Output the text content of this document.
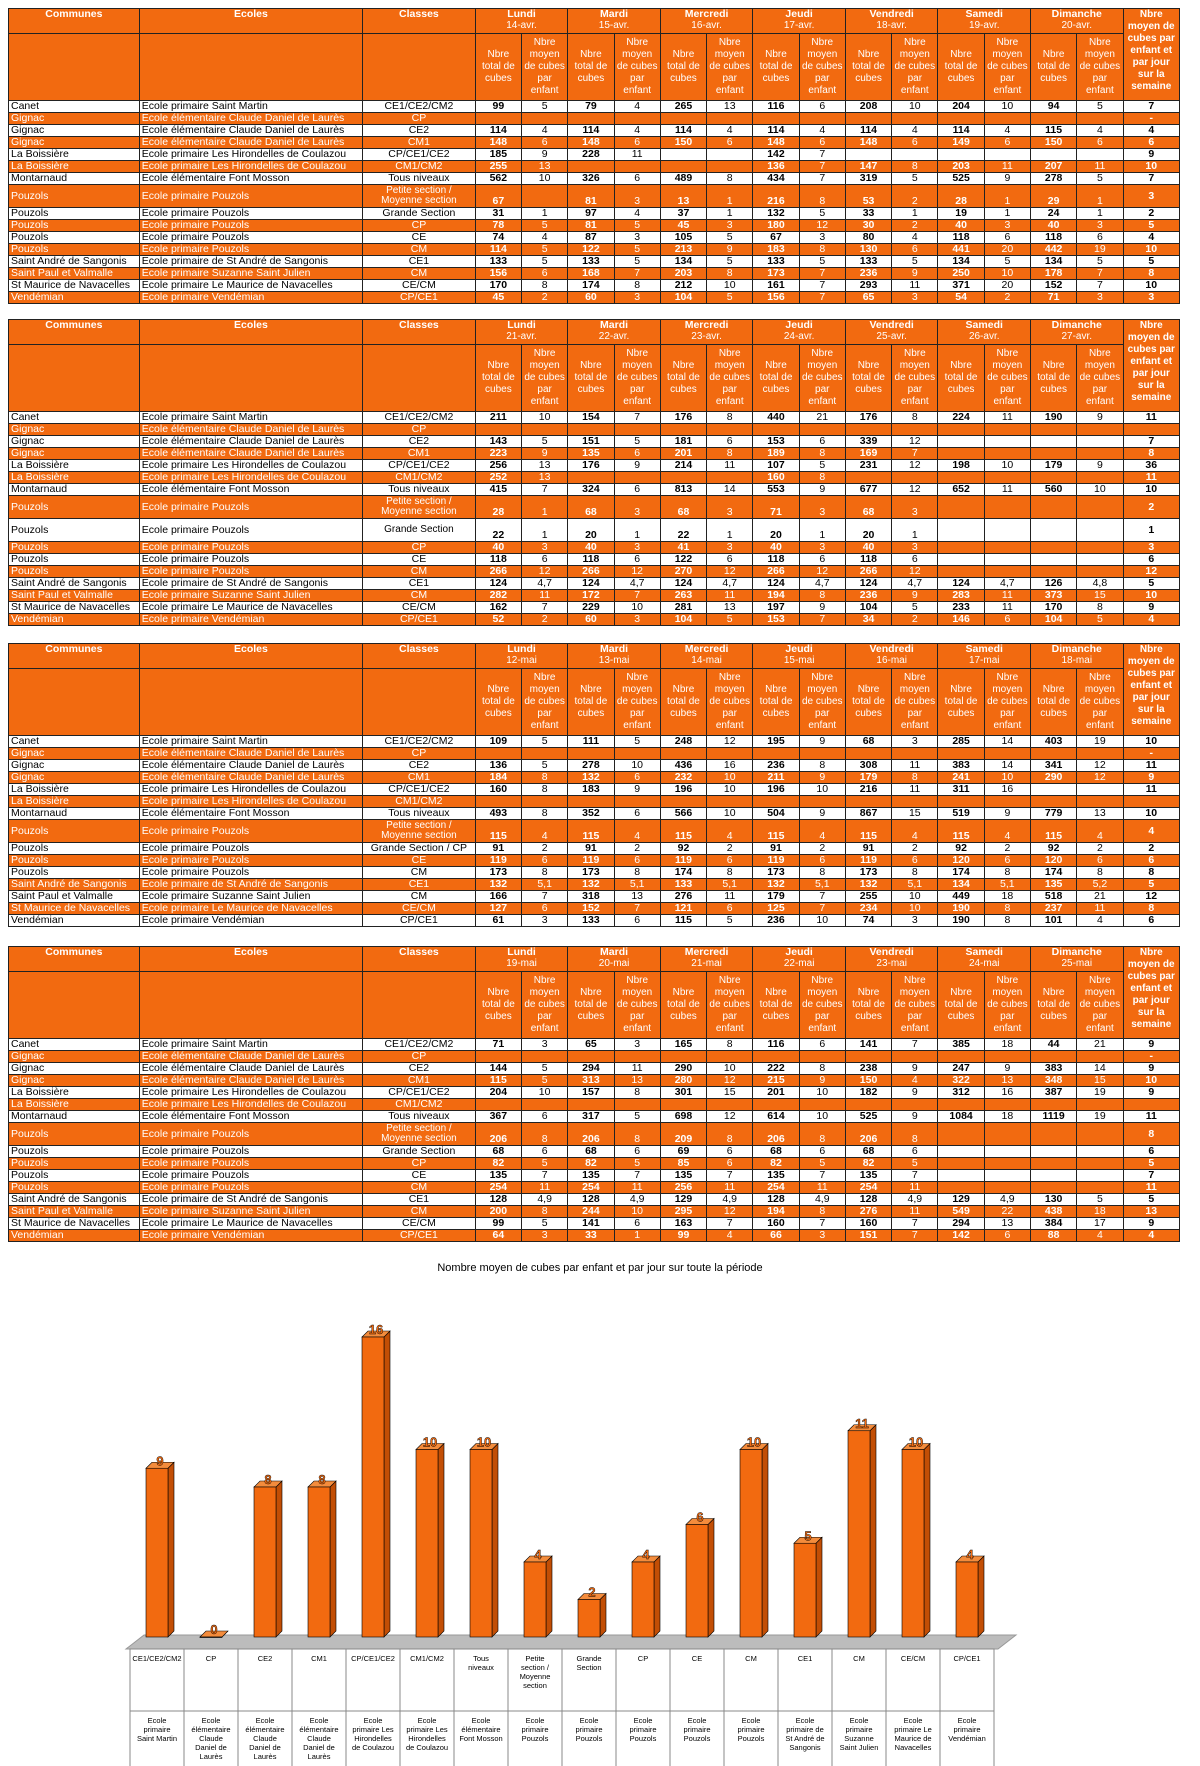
Communes	Ecoles	Classes	Lundi
14-avr.		Mardi
15-avr.		Mercredi
16-avr.		Jeudi
17-avr.		Vendredi
18-avr.		Samedi
19-avr.		Dimanche
20-avr.		Nbre moyen de cubes par enfant et par jour sur la semaine

			Nbre total de cubes	Nbre moyen de cubes par enfant	Nbre total de cubes	Nbre moyen de cubes par enfant	Nbre total de cubes	Nbre moyen de cubes par enfant	Nbre total de cubes	Nbre moyen de cubes par enfant	Nbre total de cubes	Nbre moyen de cubes par enfant	Nbre total de cubes	Nbre moyen de cubes par enfant	Nbre total de cubes	Nbre moyen de cubes par enfant	
Canet	Ecole primaire Saint Martin	CE1/CE2/CM2	99	5	79	4	265	13	116	6	208	10	204	10	94	5	7
Gignac	Ecole élémentaire Claude Daniel de Laurès	CP															-
Gignac	Ecole élémentaire Claude Daniel de Laurès	CE2	114	4	114	4	114	4	114	4	114	4	114	4	115	4	4
Gignac	Ecole élémentaire Claude Daniel de Laurès	CM1	148	6	148	6	150	6	148	6	148	6	149	6	150	6	6
La Boissière	Ecole primaire Les Hirondelles de Coulazou	CP/CE1/CE2	185	9	228	11			142	7							9
La Boissière	Ecole primaire Les Hirondelles de Coulazou	CM1/CM2	255	13					136	7	147	8	203	11	207	11	10
Montarnaud	Ecole élémentaire Font Mosson	Tous niveaux	562	10	326	6	489	8	434	7	319	5	525	9	278	5	7
Pouzols	Ecole primaire Pouzols	Petite section / Moyenne section	67		81	3	13	1	216	8	53	2	28	1	29	1	3
Pouzols	Ecole primaire Pouzols	Grande Section	31	1	97	4	37	1	132	5	33	1	19	1	24	1	2
Pouzols	Ecole primaire Pouzols	CP	78	5	81	5	45	3	180	12	30	2	40	3	40	3	5
Pouzols	Ecole primaire Pouzols	CE	74	4	87	3	105	5	67	3	80	4	118	6	118	6	4
Pouzols	Ecole primaire Pouzols	CM	114	5	122	5	213	9	183	8	130	6	441	20	442	19	10
Saint André de Sangonis	Ecole primaire de St André de Sangonis	CE1	133	5	133	5	134	5	133	5	133	5	134	5	134	5	5
Saint Paul et Valmalle	Ecole primaire Suzanne Saint Julien	CM	156	6	168	7	203	8	173	7	236	9	250	10	178	7	8
St Maurice de Navacelles	Ecole primaire Le Maurice de Navacelles	CE/CM	170	8	174	8	212	10	161	7	293	11	371	20	152	7	10
Vendémian	Ecole primaire Vendémian	CP/CE1	45	2	60	3	104	5	156	7	65	3	54	2	71	3	3
Communes	Ecoles	Classes	Lundi
21-avr.		Mardi
22-avr.		Mercredi
23-avr.		Jeudi
24-avr.		Vendredi
25-avr.		Samedi
26-avr.		Dimanche
27-avr.		Nbre moyen de cubes par enfant et par jour sur la semaine

			Nbre total de cubes	Nbre moyen de cubes par enfant	Nbre total de cubes	Nbre moyen de cubes par enfant	Nbre total de cubes	Nbre moyen de cubes par enfant	Nbre total de cubes	Nbre moyen de cubes par enfant	Nbre total de cubes	Nbre moyen de cubes par enfant	Nbre total de cubes	Nbre moyen de cubes par enfant	Nbre total de cubes	Nbre moyen de cubes par enfant	
Canet	Ecole primaire Saint Martin	CE1/CE2/CM2	211	10	154	7	176	8	440	21	176	8	224	11	190	9	11
Gignac	Ecole élémentaire Claude Daniel de Laurès	CP															
Gignac	Ecole élémentaire Claude Daniel de Laurès	CE2	143	5	151	5	181	6	153	6	339	12					7
Gignac	Ecole élémentaire Claude Daniel de Laurès	CM1	223	9	135	6	201	8	189	8	169	7					8
La Boissière	Ecole primaire Les Hirondelles de Coulazou	CP/CE1/CE2	256	13	176	9	214	11	107	5	231	12	198	10	179	9	36
La Boissière	Ecole primaire Les Hirondelles de Coulazou	CM1/CM2	252	13					160	8							11
Montarnaud	Ecole élémentaire Font Mosson	Tous niveaux	415	7	324	6	813	14	553	9	677	12	652	11	560	10	10
Pouzols	Ecole primaire Pouzols	Petite section / Moyenne section	28	1	68	3	68	3	71	3	68	3					2
Pouzols	Ecole primaire Pouzols	Grande Section	22	1	20	1	22	1	20	1	20	1					1
Pouzols	Ecole primaire Pouzols	CP	40	3	40	3	41	3	40	3	40	3					3
Pouzols	Ecole primaire Pouzols	CE	118	6	118	6	122	6	118	6	118	6					6
Pouzols	Ecole primaire Pouzols	CM	266	12	266	12	270	12	266	12	266	12					12
Saint André de Sangonis	Ecole primaire de St André de Sangonis	CE1	124	4,7	124	4,7	124	4,7	124	4,7	124	4,7	124	4,7	126	4,8	5
Saint Paul et Valmalle	Ecole primaire Suzanne Saint Julien	CM	282	11	172	7	263	11	194	8	236	9	283	11	373	15	10
St Maurice de Navacelles	Ecole primaire Le Maurice de Navacelles	CE/CM	162	7	229	10	281	13	197	9	104	5	233	11	170	8	9
Vendémian	Ecole primaire Vendémian	CP/CE1	52	2	60	3	104	5	153	7	34	2	146	6	104	5	4
Communes	Ecoles	Classes	Lundi
12-mai		Mardi
13-mai		Mercredi
14-mai		Jeudi
15-mai		Vendredi
16-mai		Samedi
17-mai		Dimanche
18-mai		Nbre moyen de cubes par enfant et par jour sur la semaine

			Nbre total de cubes	Nbre moyen de cubes par enfant	Nbre total de cubes	Nbre moyen de cubes par enfant	Nbre total de cubes	Nbre moyen de cubes par enfant	Nbre total de cubes	Nbre moyen de cubes par enfant	Nbre total de cubes	Nbre moyen de cubes par enfant	Nbre total de cubes	Nbre moyen de cubes par enfant	Nbre total de cubes	Nbre moyen de cubes par enfant	
Canet	Ecole primaire Saint Martin	CE1/CE2/CM2	109	5	111	5	248	12	195	9	68	3	285	14	403	19	10
Gignac	Ecole élémentaire Claude Daniel de Laurès	CP															-
Gignac	Ecole élémentaire Claude Daniel de Laurès	CE2	136	5	278	10	436	16	236	8	308	11	383	14	341	12	11
Gignac	Ecole élémentaire Claude Daniel de Laurès	CM1	184	8	132	6	232	10	211	9	179	8	241	10	290	12	9
La Boissière	Ecole primaire Les Hirondelles de Coulazou	CP/CE1/CE2	160	8	183	9	196	10	196	10	216	11	311	16			11
La Boissière	Ecole primaire Les Hirondelles de Coulazou	CM1/CM2															
Montarnaud	Ecole élémentaire Font Mosson	Tous niveaux	493	8	352	6	566	10	504	9	867	15	519	9	779	13	10
Pouzols	Ecole primaire Pouzols	Petite section / Moyenne section	115	4	115	4	115	4	115	4	115	4	115	4	115	4	4
Pouzols	Ecole primaire Pouzols	Grande Section / CP	91	2	91	2	92	2	91	2	91	2	92	2	92	2	2
Pouzols	Ecole primaire Pouzols	CE	119	6	119	6	119	6	119	6	119	6	120	6	120	6	6
Pouzols	Ecole primaire Pouzols	CM	173	8	173	8	174	8	173	8	173	8	174	8	174	8	8
Saint André de Sangonis	Ecole primaire de St André de Sangonis	CE1	132	5,1	132	5,1	133	5,1	132	5,1	132	5,1	134	5,1	135	5,2	5
Saint Paul et Valmalle	Ecole primaire Suzanne Saint Julien	CM	166	7	318	13	276	11	179	7	255	10	449	18	518	21	12
St Maurice de Navacelles	Ecole primaire Le Maurice de Navacelles	CE/CM	127	6	152	7	121	6	125	7	234	10	190	8	237	11	8
Vendémian	Ecole primaire Vendémian	CP/CE1	61	3	133	6	115	5	236	10	74	3	190	8	101	4	6
Communes	Ecoles	Classes	Lundi
19-mai		Mardi
20-mai		Mercredi
21-mai		Jeudi
22-mai		Vendredi
23-mai		Samedi
24-mai		Dimanche
25-mai		Nbre moyen de cubes par enfant et par jour sur la semaine

			Nbre total de cubes	Nbre moyen de cubes par enfant	Nbre total de cubes	Nbre moyen de cubes par enfant	Nbre total de cubes	Nbre moyen de cubes par enfant	Nbre total de cubes	Nbre moyen de cubes par enfant	Nbre total de cubes	Nbre moyen de cubes par enfant	Nbre total de cubes	Nbre moyen de cubes par enfant	Nbre total de cubes	Nbre moyen de cubes par enfant	
Canet	Ecole primaire Saint Martin	CE1/CE2/CM2	71	3	65	3	165	8	116	6	141	7	385	18	44	21	9
Gignac	Ecole élémentaire Claude Daniel de Laurès	CP															-
Gignac	Ecole élémentaire Claude Daniel de Laurès	CE2	144	5	294	11	290	10	222	8	238	9	247	9	383	14	9
Gignac	Ecole élémentaire Claude Daniel de Laurès	CM1	115	5	313	13	280	12	215	9	150	4	322	13	348	15	10
La Boissière	Ecole primaire Les Hirondelles de Coulazou	CP/CE1/CE2	204	10	157	8	301	15	201	10	182	9	312	16	387	19	9
La Boissière	Ecole primaire Les Hirondelles de Coulazou	CM1/CM2															
Montarnaud	Ecole élémentaire Font Mosson	Tous niveaux	367	6	317	5	698	12	614	10	525	9	1084	18	1119	19	11
Pouzols	Ecole primaire Pouzols	Petite section / Moyenne section	206	8	206	8	209	8	206	8	206	8					8
Pouzols	Ecole primaire Pouzols	Grande Section	68	6	68	6	69	6	68	6	68	6					6
Pouzols	Ecole primaire Pouzols	CP	82	5	82	5	85	6	82	5	82	5					5
Pouzols	Ecole primaire Pouzols	CE	135	7	135	7	135	7	135	7	135	7					7
Pouzols	Ecole primaire Pouzols	CM	254	11	254	11	256	11	254	11	254	11					11
Saint André de Sangonis	Ecole primaire de St André de Sangonis	CE1	128	4,9	128	4,9	129	4,9	128	4,9	128	4,9	129	4,9	130	5	5
Saint Paul et Valmalle	Ecole primaire Suzanne Saint Julien	CM	200	8	244	10	295	12	194	8	276	11	549	22	438	18	13
St Maurice de Navacelles	Ecole primaire Le Maurice de Navacelles	CE/CM	99	5	141	6	163	7	160	7	160	7	294	13	384	17	9
Vendémian	Ecole primaire Vendémian	CP/CE1	64	3	33	1	99	4	66	3	151	7	142	6	88	4	4
Nombre moyen de cubes par enfant et par jour sur toute la période
9
CE1/CE2/CM2
Ecole
primaire
Saint Martin
0
CP
Ecole
élémentaire
Claude
Daniel de
Laurès
8
CE2
Ecole
élémentaire
Claude
Daniel de
Laurès
8
CM1
Ecole
élémentaire
Claude
Daniel de
Laurès
16
CP/CE1/CE2
Ecole
primaire Les
Hirondelles
de Coulazou
10
CM1/CM2
Ecole
primaire Les
Hirondelles
de Coulazou
10
Tous
niveaux
Ecole
élémentaire
Font Mosson
4
Petite
section /
Moyenne
section
Ecole
primaire
Pouzols
2
Grande
Section
Ecole
primaire
Pouzols
4
CP
Ecole
primaire
Pouzols
6
CE
Ecole
primaire
Pouzols
10
CM
Ecole
primaire
Pouzols
5
CE1
Ecole
primaire de
St André de
Sangonis
11
CM
Ecole
primaire
Suzanne
Saint Julien
10
CE/CM
Ecole
primaire Le
Maurice de
Navacelles
4
CP/CE1
Ecole
primaire
Vendémian
